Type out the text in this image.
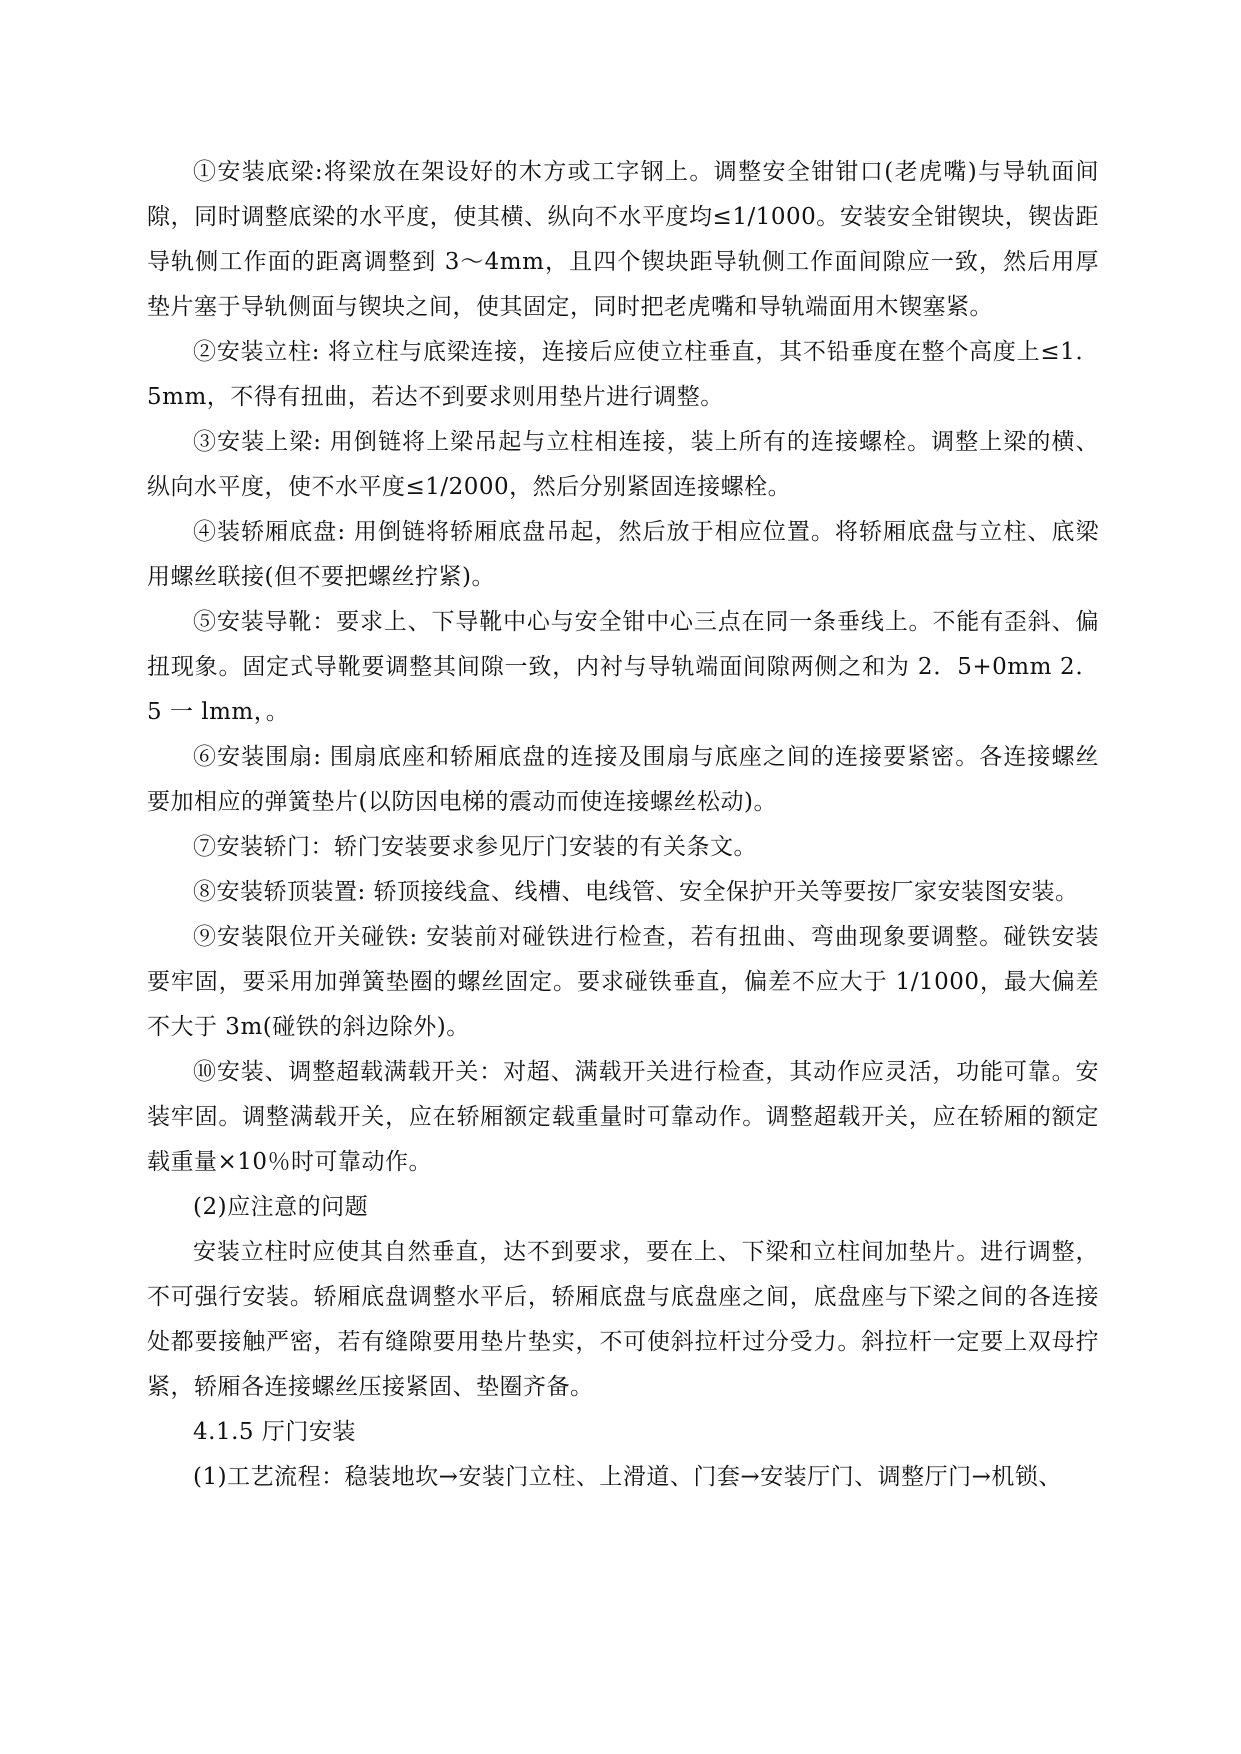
①安装底梁:将梁放在架设好的木方或工字钢上。调整安全钳钳口(老虎嘴)与导轨面间隙，同时调整底梁的水平度，使其横、纵向不水平度均≤1/1000。安装安全钳锲块，锲齿距导轨侧工作面的距离调整到 3～4mm，且四个锲块距导轨侧工作面间隙应一致，然后用厚垫片塞于导轨侧面与锲块之间，使其固定，同时把老虎嘴和导轨端面用木锲塞紧。

②安装立柱: 将立柱与底梁连接，连接后应使立柱垂直，其不铅垂度在整个高度上≤1．5mm，不得有扭曲，若达不到要求则用垫片进行调整。

③安装上梁: 用倒链将上梁吊起与立柱相连接，装上所有的连接螺栓。调整上梁的横、纵向水平度，使不水平度≤1/2000，然后分别紧固连接螺栓。

④装轿厢底盘: 用倒链将轿厢底盘吊起，然后放于相应位置。将轿厢底盘与立柱、底梁用螺丝联接(但不要把螺丝拧紧)。

⑤安装导靴：要求上、下导靴中心与安全钳中心三点在同一条垂线上。不能有歪斜、偏扭现象。固定式导靴要调整其间隙一致，内衬与导轨端面间隙两侧之和为 2．5+0mm 2．5 一 lmm，。

⑥安装围扇: 围扇底座和轿厢底盘的连接及围扇与底座之间的连接要紧密。各连接螺丝要加相应的弹簧垫片(以防因电梯的震动而使连接螺丝松动)。

⑦安装轿门：轿门安装要求参见厅门安装的有关条文。

⑧安装轿顶装置: 轿顶接线盒、线槽、电线管、安全保护开关等要按厂家安装图安装。

⑨安装限位开关碰铁: 安装前对碰铁进行检查，若有扭曲、弯曲现象要调整。碰铁安装要牢固，要采用加弹簧垫圈的螺丝固定。要求碰铁垂直，偏差不应大于 1/1000，最大偏差不大于 3m(碰铁的斜边除外)。

⑩安装、调整超载满载开关：对超、满载开关进行检查，其动作应灵活，功能可靠。安装牢固。调整满载开关，应在轿厢额定载重量时可靠动作。调整超载开关，应在轿厢的额定载重量×10％时可靠动作。

(2)应注意的问题

安装立柱时应使其自然垂直，达不到要求，要在上、下梁和立柱间加垫片。进行调整，不可强行安装。轿厢底盘调整水平后，轿厢底盘与底盘座之间，底盘座与下梁之间的各连接处都要接触严密，若有缝隙要用垫片垫实，不可使斜拉杆过分受力。斜拉杆一定要上双母拧紧，轿厢各连接螺丝压接紧固、垫圈齐备。

4.1.5 厅门安装

(1)工艺流程：稳装地坎→安装门立柱、上滑道、门套→安装厅门、调整厅门→机锁、
